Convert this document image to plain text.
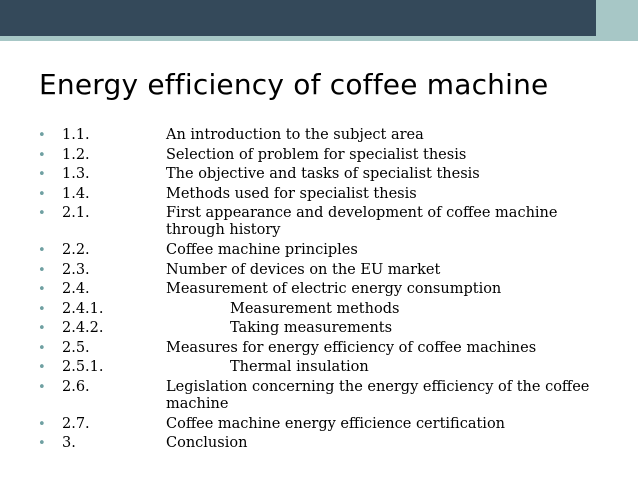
Energy efficiency of coffee machine
•	1.1.	An introduction to the subject area
•	1.2.	Selection of problem for specialist thesis
•	1.3.	The objective and tasks of specialist thesis
•	1.4.	Methods used for specialist thesis
•	2.1.	First appearance and development of coffee machine through history
•	2.2.	Coffee machine principles
•	2.3.	Number of devices on the EU market
•	2.4.	Measurement of electric energy consumption
•	2.4.1.	Measurement methods
•	2.4.2.	Taking measurements
•	2.5.	Measures for energy efficiency of coffee machines
•	2.5.1.	Thermal insulation
•	2.6.	Legislation concerning the energy efficiency of the coffee machine
•	2.7.	Coffee machine energy efficience certification
•	3.	Conclusion
